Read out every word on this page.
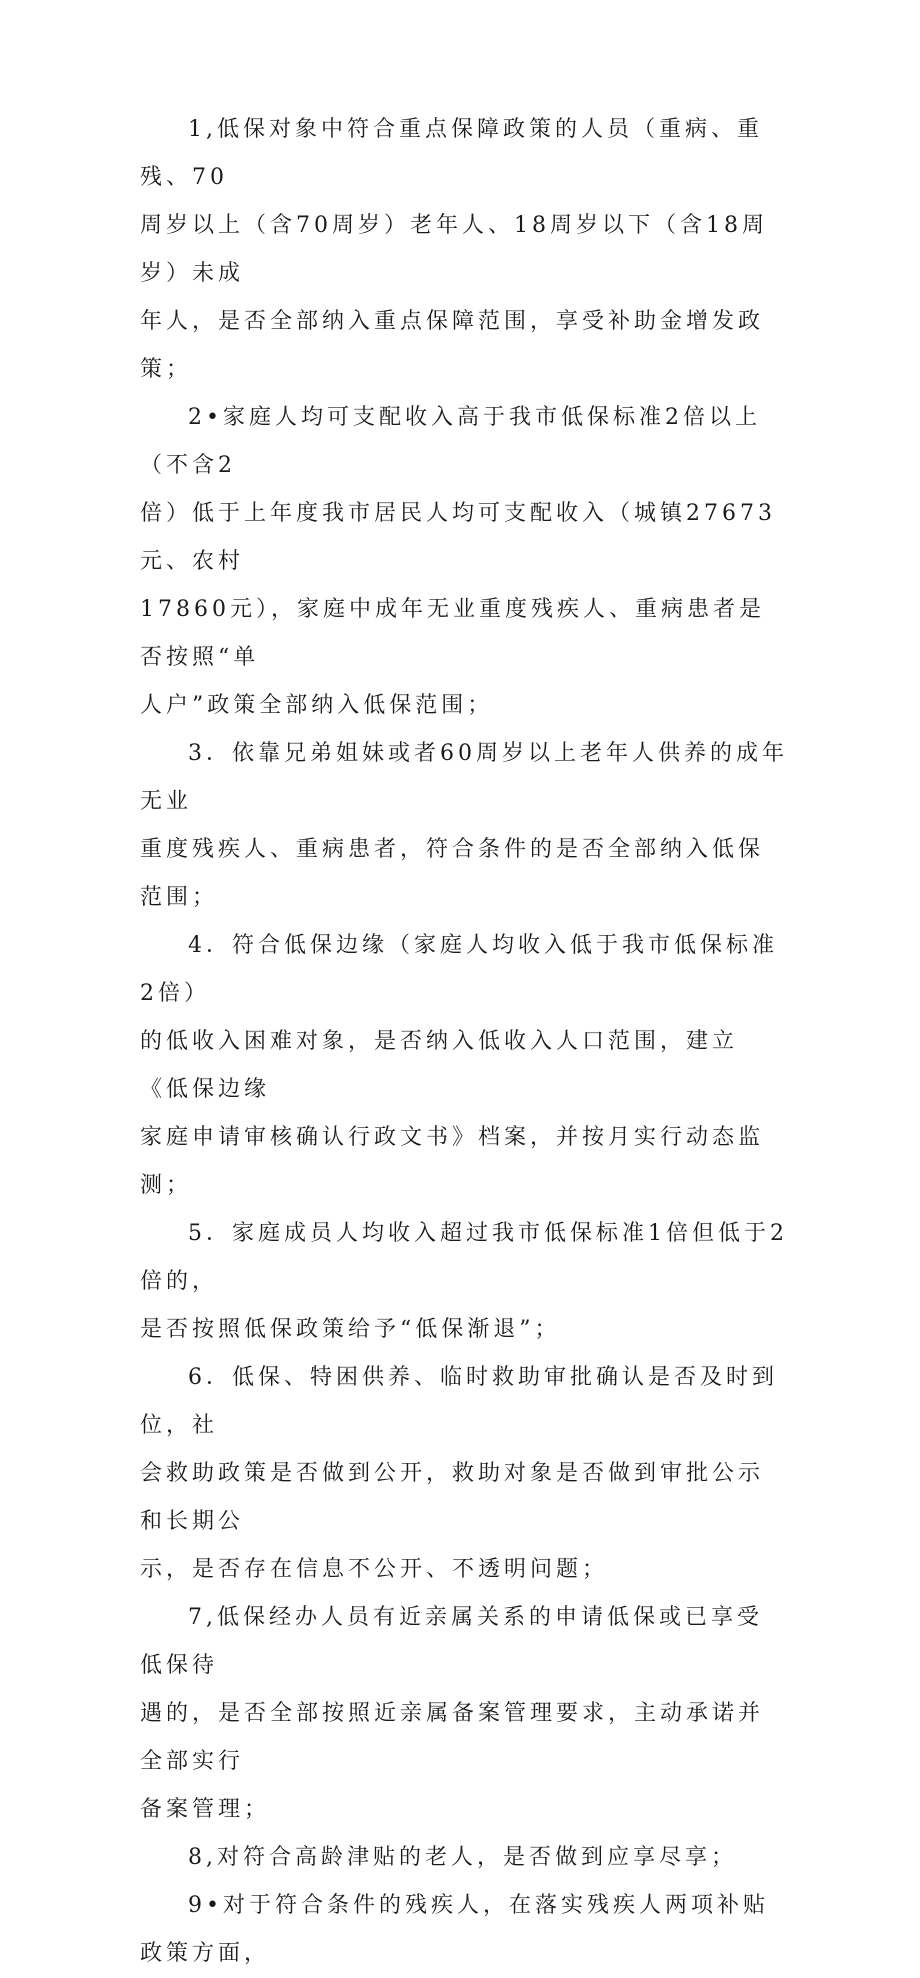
1,低保对象中符合重点保障政策的人员（重病、重残、70
周岁以上（含70周岁）老年人、18周岁以下（含18周岁）未成
年人，是否全部纳入重点保障范围，享受补助金增发政策；

2•家庭人均可支配收入高于我市低保标准2倍以上（不含2
倍）低于上年度我市居民人均可支配收入（城镇27673元、农村
17860元），家庭中成年无业重度残疾人、重病患者是否按照“单
人户”政策全部纳入低保范围；

3．依靠兄弟姐妹或者60周岁以上老年人供养的成年无业
重度残疾人、重病患者，符合条件的是否全部纳入低保范围；

4．符合低保边缘（家庭人均收入低于我市低保标准2倍）
的低收入困难对象，是否纳入低收入人口范围，建立《低保边缘
家庭申请审核确认行政文书》档案，并按月实行动态监测；

5．家庭成员人均收入超过我市低保标准1倍但低于2倍的，
是否按照低保政策给予“低保渐退”；

6．低保、特困供养、临时救助审批确认是否及时到位，社
会救助政策是否做到公开，救助对象是否做到审批公示和长期公
示，是否存在信息不公开、不透明问题；

7,低保经办人员有近亲属关系的申请低保或已享受低保待
遇的，是否全部按照近亲属备案管理要求，主动承诺并全部实行
备案管理；

8,对符合高龄津贴的老人，是否做到应享尽享；

9•对于符合条件的残疾人，在落实残疾人两项补贴政策方面，
